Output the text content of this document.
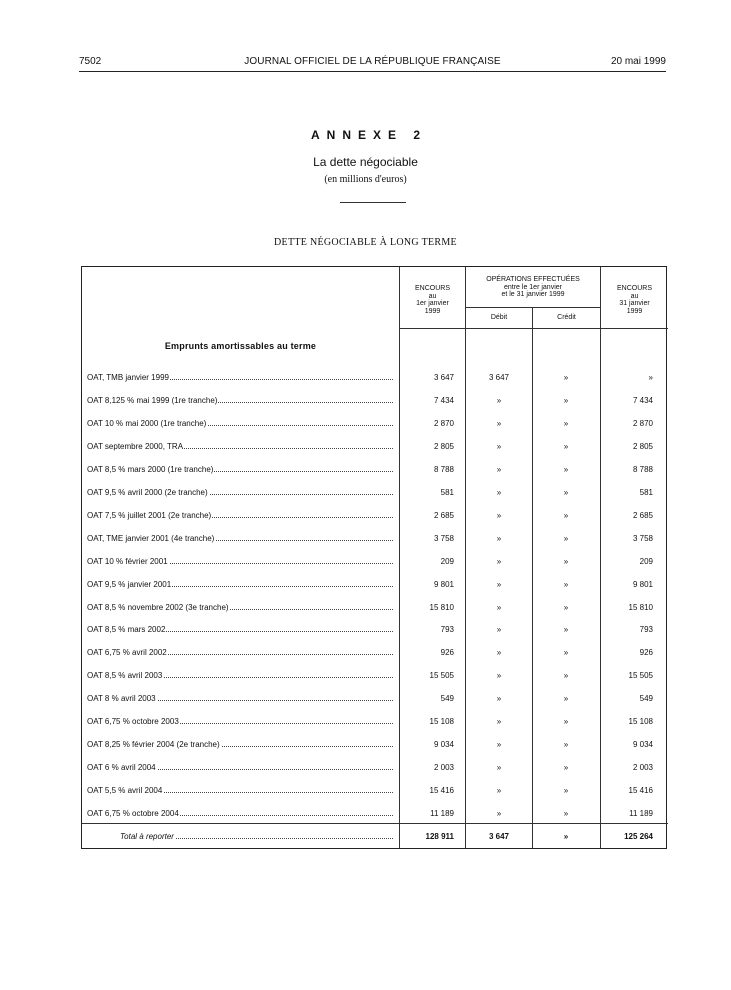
7502	JOURNAL OFFICIEL DE LA RÉPUBLIQUE FRANÇAISE	20 mai 1999
ANNEXE 2
La dette négociable
(en millions d'euros)
DETTE NÉGOCIABLE À LONG TERME
ENCOURS
au
1er janvier
1999
OPÉRATIONS EFFECTUÉES
entre le 1er janvier
et le 31 janvier 1999
Débit	Crédit
ENCOURS
au
31 janvier
1999
Emprunts amortissables au terme
OAT, TMB janvier 1999	3 647	3 647	»	»
OAT 8,125 % mai 1999 (1re tranche)	7 434	»	»	7 434
OAT 10 % mai 2000 (1re tranche)	2 870	»	»	2 870
OAT septembre 2000, TRA	2 805	»	»	2 805
OAT 8,5 % mars 2000 (1re tranche)	8 788	»	»	8 788
OAT 9,5 % avril 2000 (2e tranche)	581	»	»	581
OAT 7,5 % juillet 2001 (2e tranche)	2 685	»	»	2 685
OAT, TME janvier 2001 (4e tranche)	3 758	»	»	3 758
OAT 10 % février 2001	209	»	»	209
OAT 9,5 % janvier 2001	9 801	»	»	9 801
OAT 8,5 % novembre 2002 (3e tranche)	15 810	»	»	15 810
OAT 8,5 % mars 2002	793	»	»	793
OAT 6,75 % avril 2002	926	»	»	926
OAT 8,5 % avril 2003	15 505	»	»	15 505
OAT 8 % avril 2003	549	»	»	549
OAT 6,75 % octobre 2003	15 108	»	»	15 108
OAT 8,25 % février 2004 (2e tranche)	9 034	»	»	9 034
OAT 6 % avril 2004	2 003	»	»	2 003
OAT 5,5 % avril 2004	15 416	»	»	15 416
OAT 6,75 % octobre 2004	11 189	»	»	11 189
Total à reporter	128 911	3 647	»	125 264
